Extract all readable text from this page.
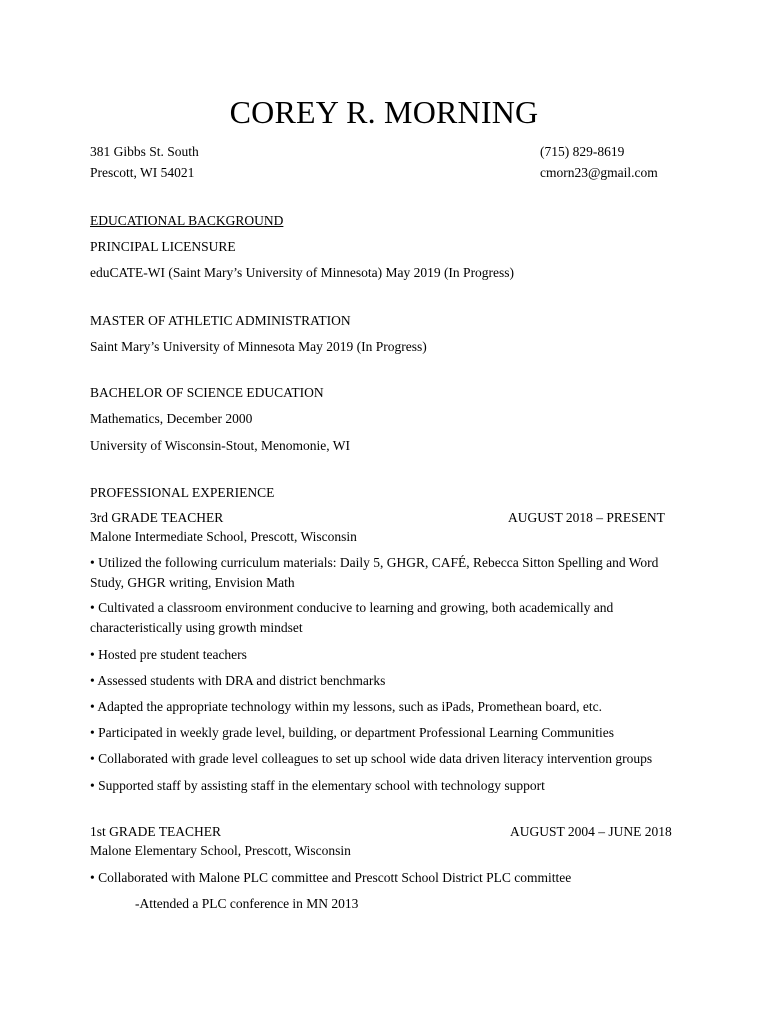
COREY R. MORNING
381 Gibbs St. South
Prescott, WI 54021
(715) 829-8619
cmorn23@gmail.com
EDUCATIONAL BACKGROUND
PRINCIPAL LICENSURE
eduCATE-WI (Saint Mary’s University of Minnesota) May 2019 (In Progress)
MASTER OF ATHLETIC ADMINISTRATION
Saint Mary’s University of Minnesota May 2019 (In Progress)
BACHELOR OF SCIENCE EDUCATION
Mathematics, December 2000
University of Wisconsin-Stout, Menomonie, WI
PROFESSIONAL EXPERIENCE
3rd GRADE TEACHER	AUGUST 2018 – PRESENT
Malone Intermediate School, Prescott, Wisconsin
• Utilized the following curriculum materials: Daily 5, GHGR, CAFÉ, Rebecca Sitton Spelling and Word Study, GHGR writing, Envision Math
• Cultivated a classroom environment conducive to learning and growing, both academically and characteristically using growth mindset
• Hosted pre student teachers
• Assessed students with DRA and district benchmarks
• Adapted the appropriate technology within my lessons, such as iPads, Promethean board, etc.
• Participated in weekly grade level, building, or department Professional Learning Communities
• Collaborated with grade level colleagues to set up school wide data driven literacy intervention groups
• Supported staff by assisting staff in the elementary school with technology support
1st GRADE TEACHER	AUGUST 2004 – JUNE 2018
Malone Elementary School, Prescott, Wisconsin
• Collaborated with Malone PLC committee and Prescott School District PLC committee
-Attended a PLC conference in MN 2013
